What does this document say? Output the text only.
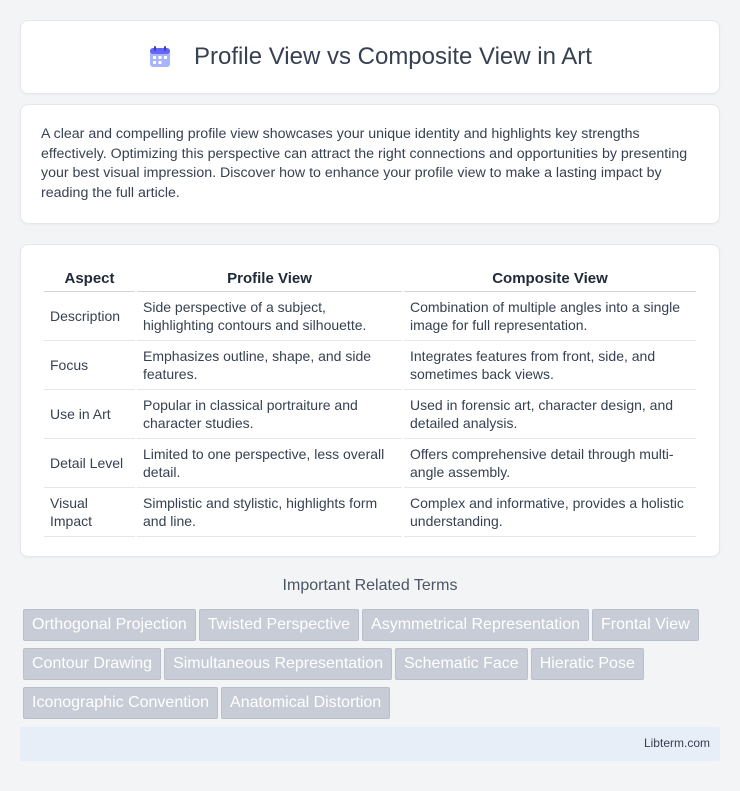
Profile View vs Composite View in Art

A clear and compelling profile view showcases your unique identity and highlights key strengths effectively. Optimizing this perspective can attract the right connections and opportunities by presenting your best visual impression. Discover how to enhance your profile view to make a lasting impact by reading the full article.

Aspect	Profile View	Composite View
Description	Side perspective of a subject, highlighting contours and silhouette.	Combination of multiple angles into a single image for full representation.
Focus	Emphasizes outline, shape, and side features.	Integrates features from front, side, and sometimes back views.
Use in Art	Popular in classical portraiture and character studies.	Used in forensic art, character design, and detailed analysis.
Detail Level	Limited to one perspective, less overall detail.	Offers comprehensive detail through multi-angle assembly.
Visual Impact	Simplistic and stylistic, highlights form and line.	Complex and informative, provides a holistic understanding.
Important Related Terms
Orthogonal Projection Twisted Perspective Asymmetrical Representation Frontal View
Contour Drawing Simultaneous Representation Schematic Face Hieratic Pose
Iconographic Convention Anatomical Distortion
Libterm.com
